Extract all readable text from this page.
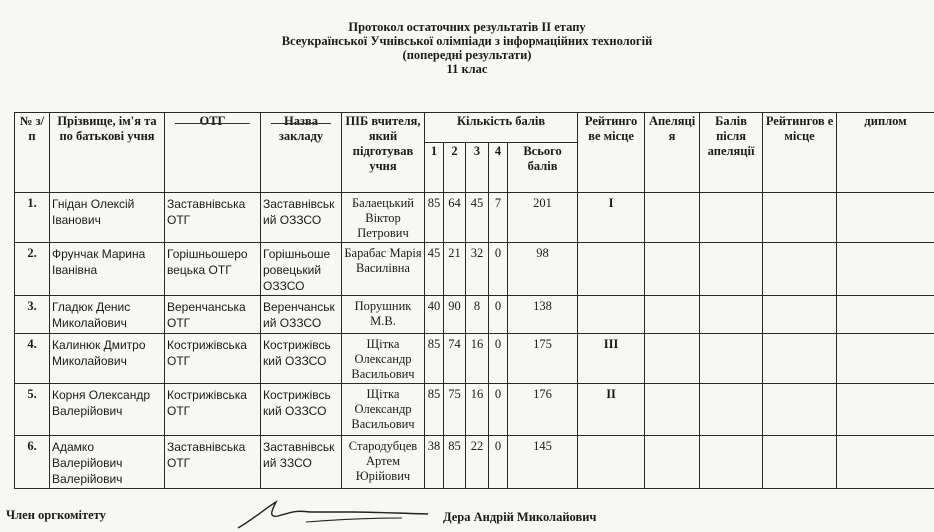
Протокол остаточних результатів ІІ етапу
Всеукраїнської Учнівської олімпіади з інформаційних технологій
(попередні результати)
11 клас
№ з/п	Прізвище, ім'я та по батькові учня	ОТГ	Назва закладу	ПІБ вчителя, який підготував учня	Кількість балів					Рейтинго ве місце	Апеляці я	Балів після апеляції	Рейтингов е місце	диплом
					1	2	3	4	Всього балів					
1.	Гнідан Олексій Іванович	Заставнівська ОТГ	Заставнівськ ий ОЗЗСО	Балаецький Віктор Петрович	85	64	45	7	201	I				
2.	Фрунчак Марина Іванівна	Горішньошеро вецька ОТГ	Горішньоше ровецький ОЗЗСО	Барабас Марія Василівна	45	21	32	0	98					
3.	Гладюк Денис Миколайович	Веренчанська ОТГ	Веренчанськ ий ОЗЗСО	Порушник М.В.	40	90	8	0	138					
4.	Калинюк Дмитро Миколайович	Кострижівська ОТГ	Кострижівсь кий ОЗЗСО	Щітка Олександр Васильович	85	74	16	0	175	III				
5.	Корня Олександр Валерійович	Кострижівська ОТГ	Кострижівсь кий ОЗЗСО	Щітка Олександр Васильович	85	75	16	0	176	II				
6.	Адамко Валерійович Валерійович	Заставнівська ОТГ	Заставнівськ ий ЗЗСО	Стародубцев Артем Юрійович	38	85	22	0	145					
Член оргкомітету	Дера Андрій Миколайович
